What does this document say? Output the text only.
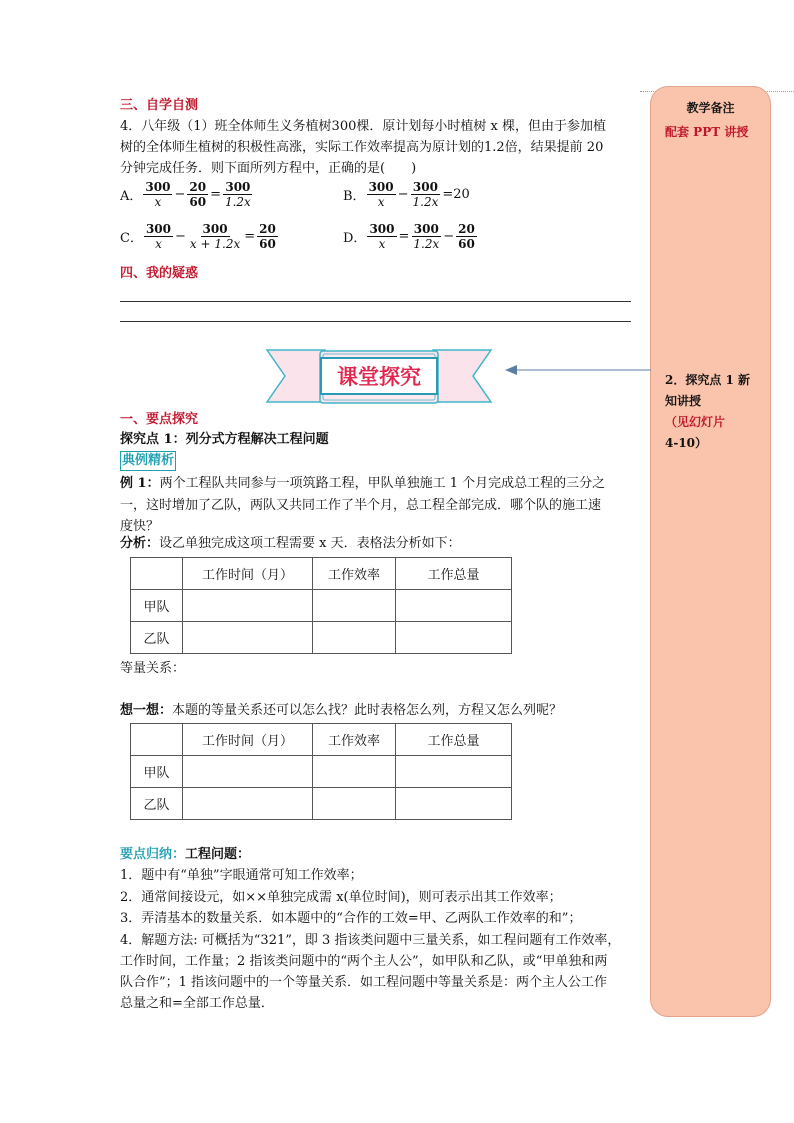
教学备注
配套 PPT 讲授
2．探究点 1 新
知讲授
（见幻灯片
4-10）
三、自学自测
4．八年级（1）班全体师生义务植树300棵．原计划每小时植树 x 棵，但由于参加植
树的全体师生植树的积极性高涨，实际工作效率提高为原计划的1.2倍，结果提前 20
分钟完成任务．则下面所列方程中，正确的是(　　)
A． $\frac{300}{x} - \frac{20}{60} = \frac{300}{1.2x}$	B． $\frac{300}{x} - \frac{300}{1.2x} =20$
C． $\frac{300}{x} - \frac{300}{x + 1.2x} = \frac{20}{60}$	D． $\frac{300}{x} = \frac{300}{1.2x} - \frac{20}{60}$
四、我的疑惑
课堂探究
一、要点探究
探究点 1：列分式方程解决工程问题
典例精析
例 1：两个工程队共同参与一项筑路工程，甲队单独施工 1 个月完成总工程的三分之
一，这时增加了乙队，两队又共同工作了半个月，总工程全部完成．哪个队的施工速
度快？
分析：设乙单独完成这项工程需要 x 天．表格法分析如下：
	工作时间（月）	工作效率	工作总量
甲队			
乙队			
等量关系：
想一想：本题的等量关系还可以怎么找？此时表格怎么列，方程又怎么列呢？
	工作时间（月）	工作效率	工作总量
甲队			
乙队			
要点归纳：工程问题：
1．题中有“单独”字眼通常可知工作效率；
2．通常间接设元，如××单独完成需 x(单位时间)，则可表示出其工作效率；
3．弄清基本的数量关系．如本题中的“合作的工效=甲、乙两队工作效率的和”；
4．解题方法: 可概括为“321”，即 3 指该类问题中三量关系，如工程问题有工作效率，
工作时间，工作量；2 指该类问题中的“两个主人公”，如甲队和乙队，或“甲单独和两
队合作”；1 指该问题中的一个等量关系．如工程问题中等量关系是：两个主人公工作
总量之和=全部工作总量．
